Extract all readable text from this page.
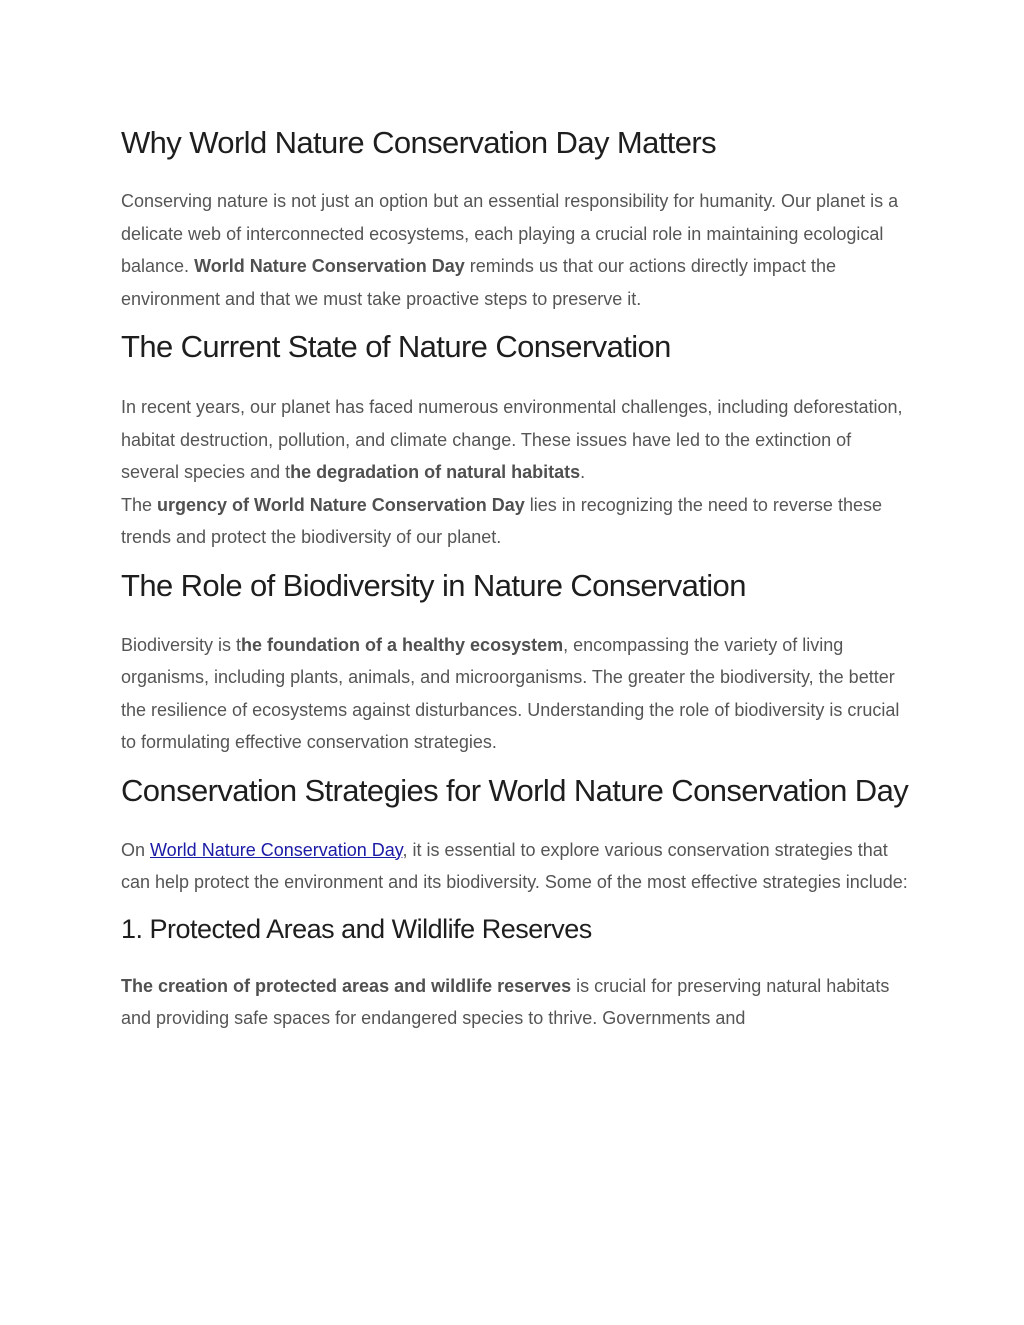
Why World Nature Conservation Day Matters

Conserving nature is not just an option but an essential responsibility for humanity. Our planet is a delicate web of interconnected ecosystems, each playing a crucial role in maintaining ecological balance. World Nature Conservation Day reminds us that our actions directly impact the environment and that we must take proactive steps to preserve it.

The Current State of Nature Conservation

In recent years, our planet has faced numerous environmental challenges, including deforestation, habitat destruction, pollution, and climate change. These issues have led to the extinction of several species and the degradation of natural habitats.
The urgency of World Nature Conservation Day lies in recognizing the need to reverse these trends and protect the biodiversity of our planet.

The Role of Biodiversity in Nature Conservation

Biodiversity is the foundation of a healthy ecosystem, encompassing the variety of living organisms, including plants, animals, and microorganisms. The greater the biodiversity, the better the resilience of ecosystems against disturbances. Understanding the role of biodiversity is crucial to formulating effective conservation strategies.

Conservation Strategies for World Nature Conservation Day

On World Nature Conservation Day, it is essential to explore various conservation strategies that can help protect the environment and its biodiversity. Some of the most effective strategies include:

1. Protected Areas and Wildlife Reserves

The creation of protected areas and wildlife reserves is crucial for preserving natural habitats and providing safe spaces for endangered species to thrive. Governments and
